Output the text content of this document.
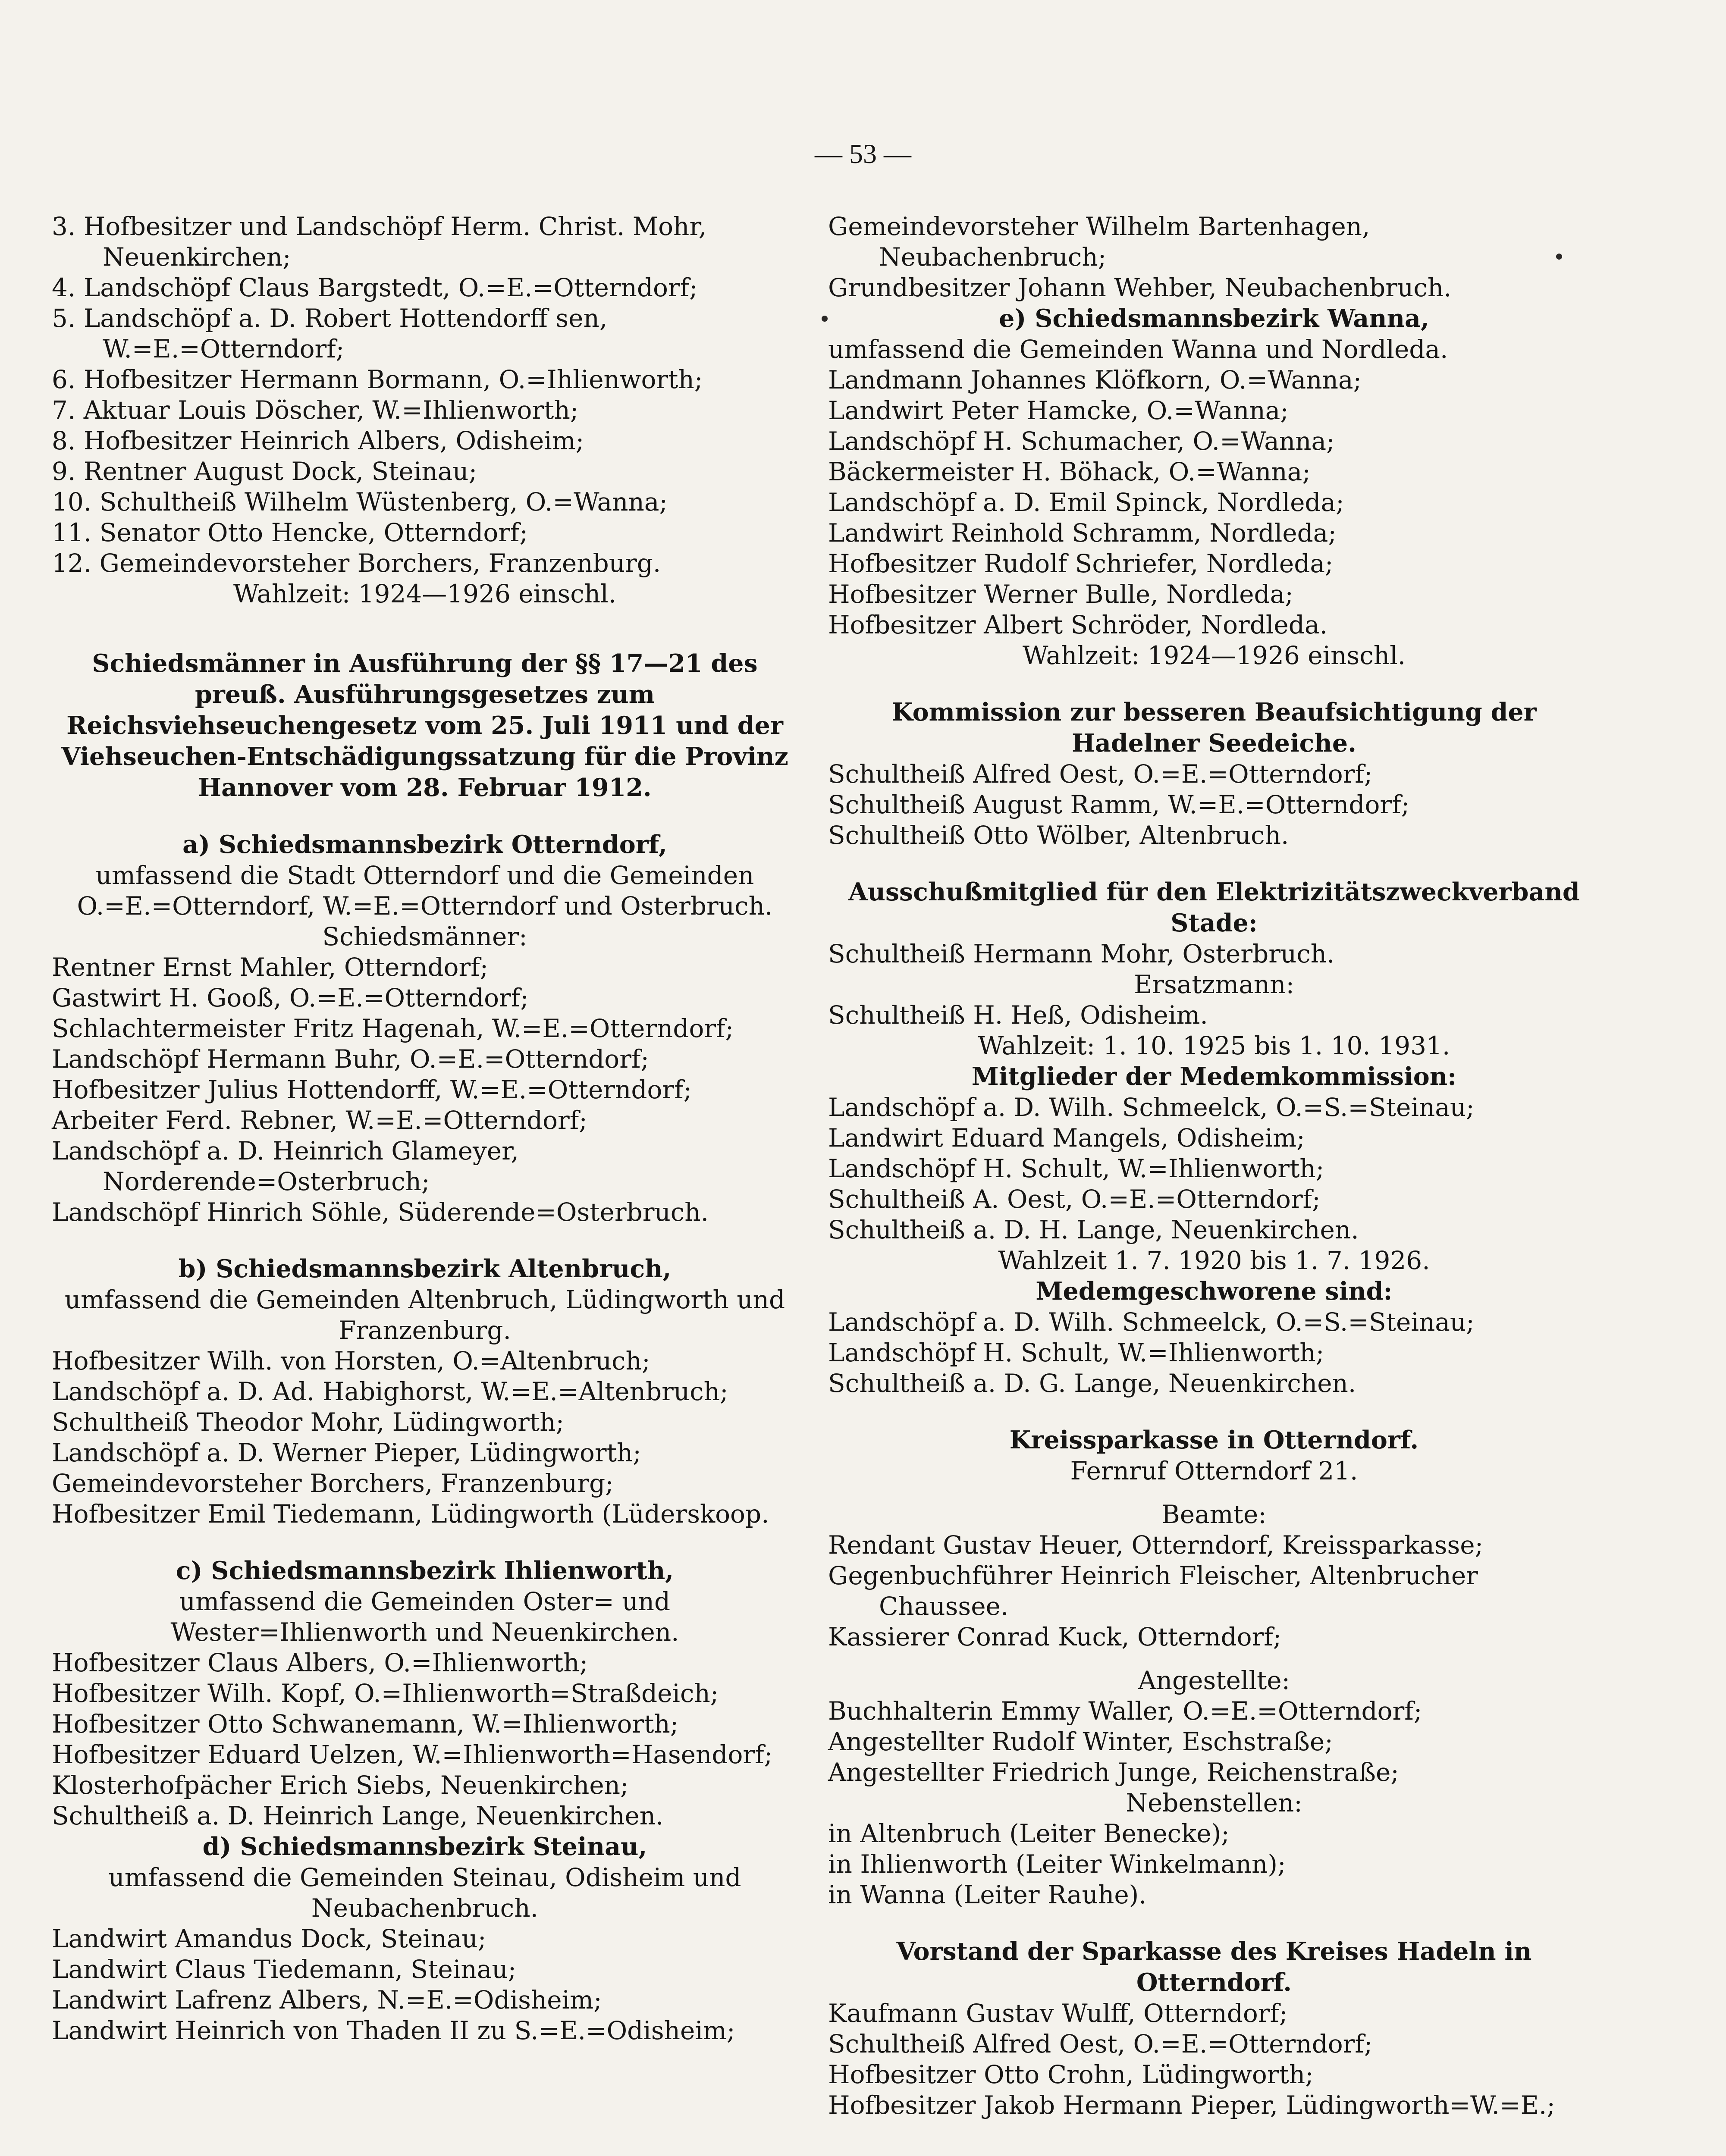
— 53 —

3. Hofbesitzer und Landschöpf Herm. Christ. Mohr, Neuenkirchen;

4. Landschöpf Claus Bargstedt, O.=E.=Otterndorf;

5. Landschöpf a. D. Robert Hottendorff sen, W.=E.=Otterndorf;

6. Hofbesitzer Hermann Bormann, O.=Ihlienworth;

7. Aktuar Louis Döscher, W.=Ihlienworth;

8. Hofbesitzer Heinrich Albers, Odisheim;

9. Rentner August Dock, Steinau;

10. Schultheiß Wilhelm Wüstenberg, O.=Wanna;

11. Senator Otto Hencke, Otterndorf;

12. Gemeindevorsteher Borchers, Franzenburg.

Wahlzeit: 1924—1926 einschl.

Schiedsmänner in Ausführung der §§ 17—21 des preuß. Ausführungsgesetzes zum Reichsviehseuchengesetz vom 25. Juli 1911 und der Viehseuchen-Entschädigungssatzung für die Provinz Hannover vom 28. Februar 1912.
a) Schiedsmannsbezirk Otterndorf,

umfassend die Stadt Otterndorf und die Gemeinden O.=E.=Otterndorf, W.=E.=Otterndorf und Osterbruch.

Schiedsmänner:

Rentner Ernst Mahler, Otterndorf;

Gastwirt H. Gooß, O.=E.=Otterndorf;

Schlachtermeister Fritz Hagenah, W.=E.=Otterndorf;

Landschöpf Hermann Buhr, O.=E.=Otterndorf;

Hofbesitzer Julius Hottendorff, W.=E.=Otterndorf;

Arbeiter Ferd. Rebner, W.=E.=Otterndorf;

Landschöpf a. D. Heinrich Glameyer, Norderende=Osterbruch;

Landschöpf Hinrich Söhle, Süderende=Osterbruch.

b) Schiedsmannsbezirk Altenbruch,

umfassend die Gemeinden Altenbruch, Lüdingworth und Franzenburg.

Hofbesitzer Wilh. von Horsten, O.=Altenbruch;

Landschöpf a. D. Ad. Habighorst, W.=E.=Altenbruch;

Schultheiß Theodor Mohr, Lüdingworth;

Landschöpf a. D. Werner Pieper, Lüdingworth;

Gemeindevorsteher Borchers, Franzenburg;

Hofbesitzer Emil Tiedemann, Lüdingworth (Lüderskoop.

c) Schiedsmannsbezirk Ihlienworth,

umfassend die Gemeinden Oster= und Wester=Ihlienworth und Neuenkirchen.

Hofbesitzer Claus Albers, O.=Ihlienworth;

Hofbesitzer Wilh. Kopf, O.=Ihlienworth=Straßdeich;

Hofbesitzer Otto Schwanemann, W.=Ihlienworth;

Hofbesitzer Eduard Uelzen, W.=Ihlienworth=Hasendorf;

Klosterhofpächer Erich Siebs, Neuenkirchen;

Schultheiß a. D. Heinrich Lange, Neuenkirchen.

d) Schiedsmannsbezirk Steinau,

umfassend die Gemeinden Steinau, Odisheim und Neubachenbruch.

Landwirt Amandus Dock, Steinau;

Landwirt Claus Tiedemann, Steinau;

Landwirt Lafrenz Albers, N.=E.=Odisheim;

Landwirt Heinrich von Thaden II zu S.=E.=Odisheim;

Gemeindevorsteher Wilhelm Bartenhagen, Neubachenbruch;

Grundbesitzer Johann Wehber, Neubachenbruch.

e) Schiedsmannsbezirk Wanna,

umfassend die Gemeinden Wanna und Nordleda.

Landmann Johannes Klöfkorn, O.=Wanna;

Landwirt Peter Hamcke, O.=Wanna;

Landschöpf H. Schumacher, O.=Wanna;

Bäckermeister H. Böhack, O.=Wanna;

Landschöpf a. D. Emil Spinck, Nordleda;

Landwirt Reinhold Schramm, Nordleda;

Hofbesitzer Rudolf Schriefer, Nordleda;

Hofbesitzer Werner Bulle, Nordleda;

Hofbesitzer Albert Schröder, Nordleda.

Wahlzeit: 1924—1926 einschl.

Kommission zur besseren Beaufsichtigung der Hadelner Seedeiche.

Schultheiß Alfred Oest, O.=E.=Otterndorf;

Schultheiß August Ramm, W.=E.=Otterndorf;

Schultheiß Otto Wölber, Altenbruch.

Ausschußmitglied für den Elektrizitätszweckverband Stade:

Schultheiß Hermann Mohr, Osterbruch.

Ersatzmann:

Schultheiß H. Heß, Odisheim.

Wahlzeit: 1. 10. 1925 bis 1. 10. 1931.

Mitglieder der Medemkommission:

Landschöpf a. D. Wilh. Schmeelck, O.=S.=Steinau;

Landwirt Eduard Mangels, Odisheim;

Landschöpf H. Schult, W.=Ihlienworth;

Schultheiß A. Oest, O.=E.=Otterndorf;

Schultheiß a. D. H. Lange, Neuenkirchen.

Wahlzeit 1. 7. 1920 bis 1. 7. 1926.

Medemgeschworene sind:

Landschöpf a. D. Wilh. Schmeelck, O.=S.=Steinau;

Landschöpf H. Schult, W.=Ihlienworth;

Schultheiß a. D. G. Lange, Neuenkirchen.

Kreissparkasse in Otterndorf.

Fernruf Otterndorf 21.

Beamte:

Rendant Gustav Heuer, Otterndorf, Kreissparkasse;

Gegenbuchführer Heinrich Fleischer, Altenbrucher Chaussee.

Kassierer Conrad Kuck, Otterndorf;

Angestellte:

Buchhalterin Emmy Waller, O.=E.=Otterndorf;

Angestellter Rudolf Winter, Eschstraße;

Angestellter Friedrich Junge, Reichenstraße;

Nebenstellen:

in Altenbruch (Leiter Benecke);

in Ihlienworth (Leiter Winkelmann);

in Wanna (Leiter Rauhe).

Vorstand der Sparkasse des Kreises Hadeln in Otterndorf.

Kaufmann Gustav Wulff, Otterndorf;

Schultheiß Alfred Oest, O.=E.=Otterndorf;

Hofbesitzer Otto Crohn, Lüdingworth;

Hofbesitzer Jakob Hermann Pieper, Lüdingworth=W.=E.;
